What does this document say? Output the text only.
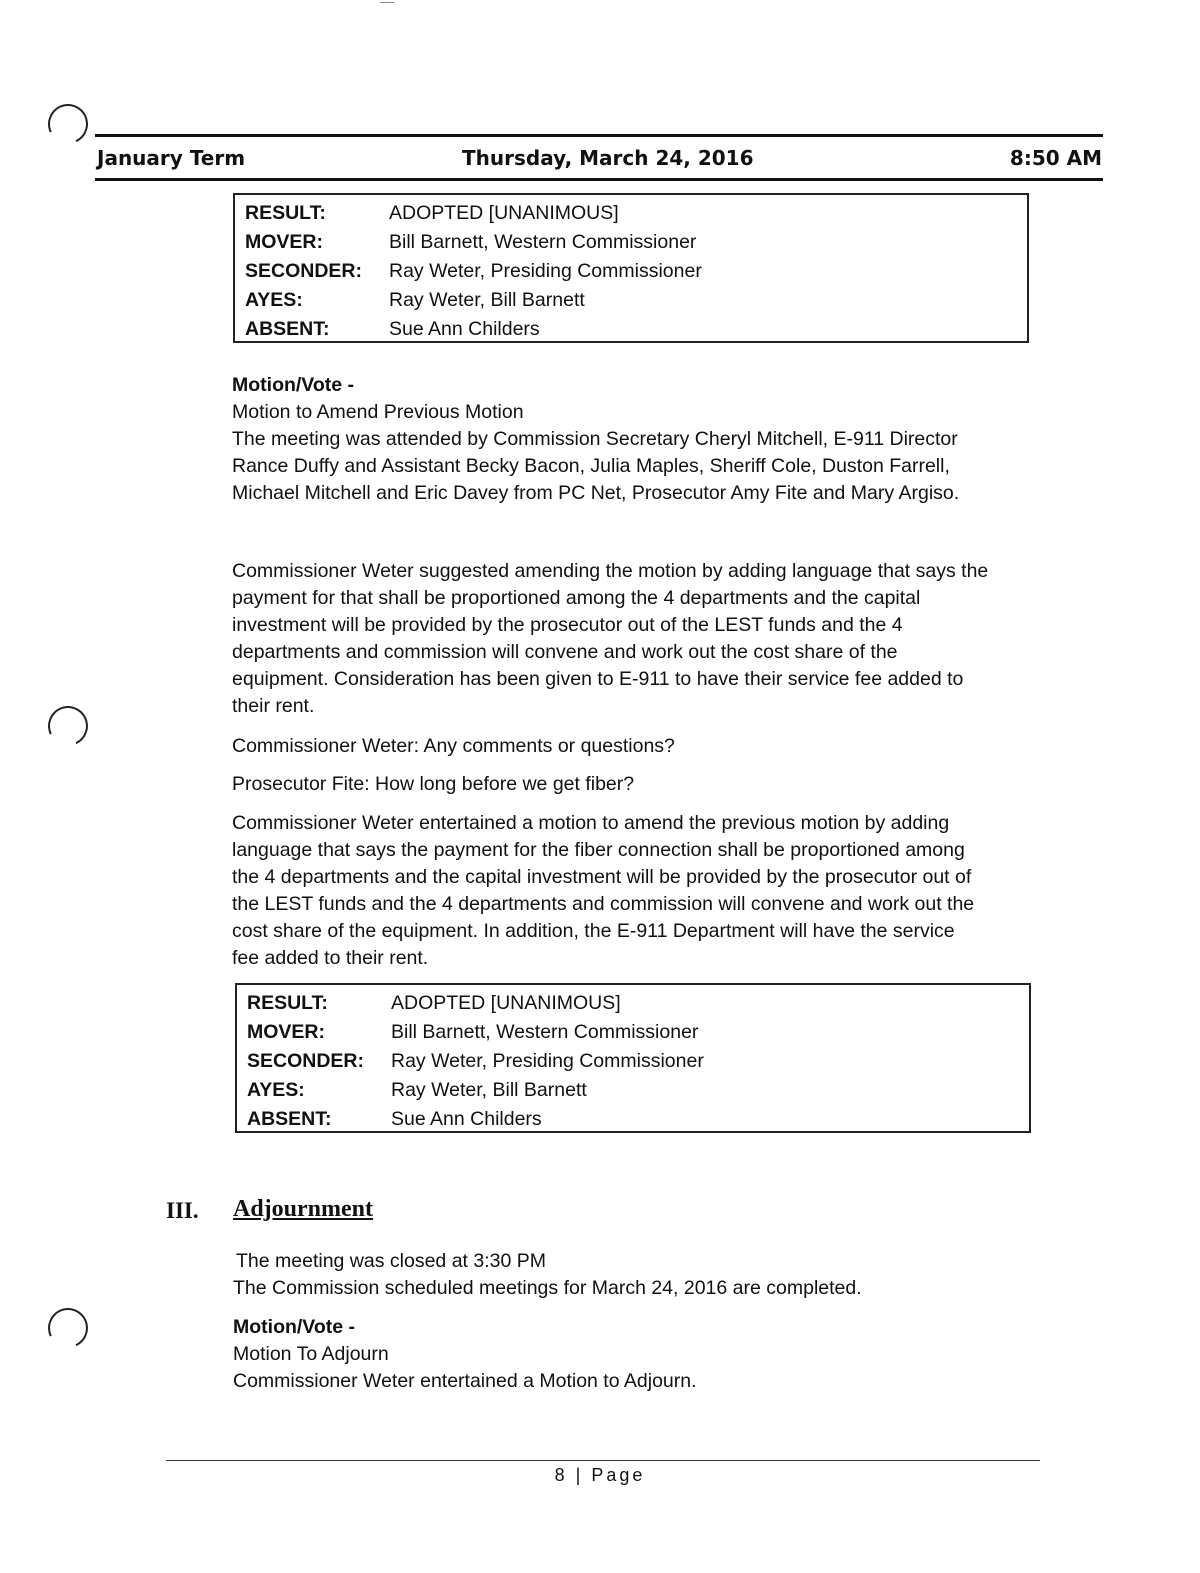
January Term	Thursday, March 24, 2016	8:50 AM
RESULT:	ADOPTED [UNANIMOUS]
MOVER:	Bill Barnett, Western Commissioner
SECONDER:	Ray Weter, Presiding Commissioner
AYES:	Ray Weter, Bill Barnett
ABSENT:	Sue Ann Childers
Motion/Vote -
Motion to Amend Previous Motion
The meeting was attended by Commission Secretary Cheryl Mitchell, E-911 Director
Rance Duffy and Assistant Becky Bacon, Julia Maples, Sheriff Cole, Duston Farrell,
Michael Mitchell and Eric Davey from PC Net, Prosecutor Amy Fite and Mary Argiso.
Commissioner Weter suggested amending the motion by adding language that says the
payment for that shall be proportioned among the 4 departments and the capital
investment will be provided by the prosecutor out of the LEST funds and the 4
departments and commission will convene and work out the cost share of the
equipment. Consideration has been given to E-911 to have their service fee added to
their rent.
Commissioner Weter: Any comments or questions?
Prosecutor Fite: How long before we get fiber?
Commissioner Weter entertained a motion to amend the previous motion by adding
language that says the payment for the fiber connection shall be proportioned among
the 4 departments and the capital investment will be provided by the prosecutor out of
the LEST funds and the 4 departments and commission will convene and work out the
cost share of the equipment. In addition, the E-911 Department will have the service
fee added to their rent.
RESULT:	ADOPTED [UNANIMOUS]
MOVER:	Bill Barnett, Western Commissioner
SECONDER:	Ray Weter, Presiding Commissioner
AYES:	Ray Weter, Bill Barnett
ABSENT:	Sue Ann Childers
III. Adjournment
The meeting was closed at 3:30 PM
The Commission scheduled meetings for March 24, 2016 are completed.
Motion/Vote -
Motion To Adjourn
Commissioner Weter entertained a Motion to Adjourn.
8 | Page
